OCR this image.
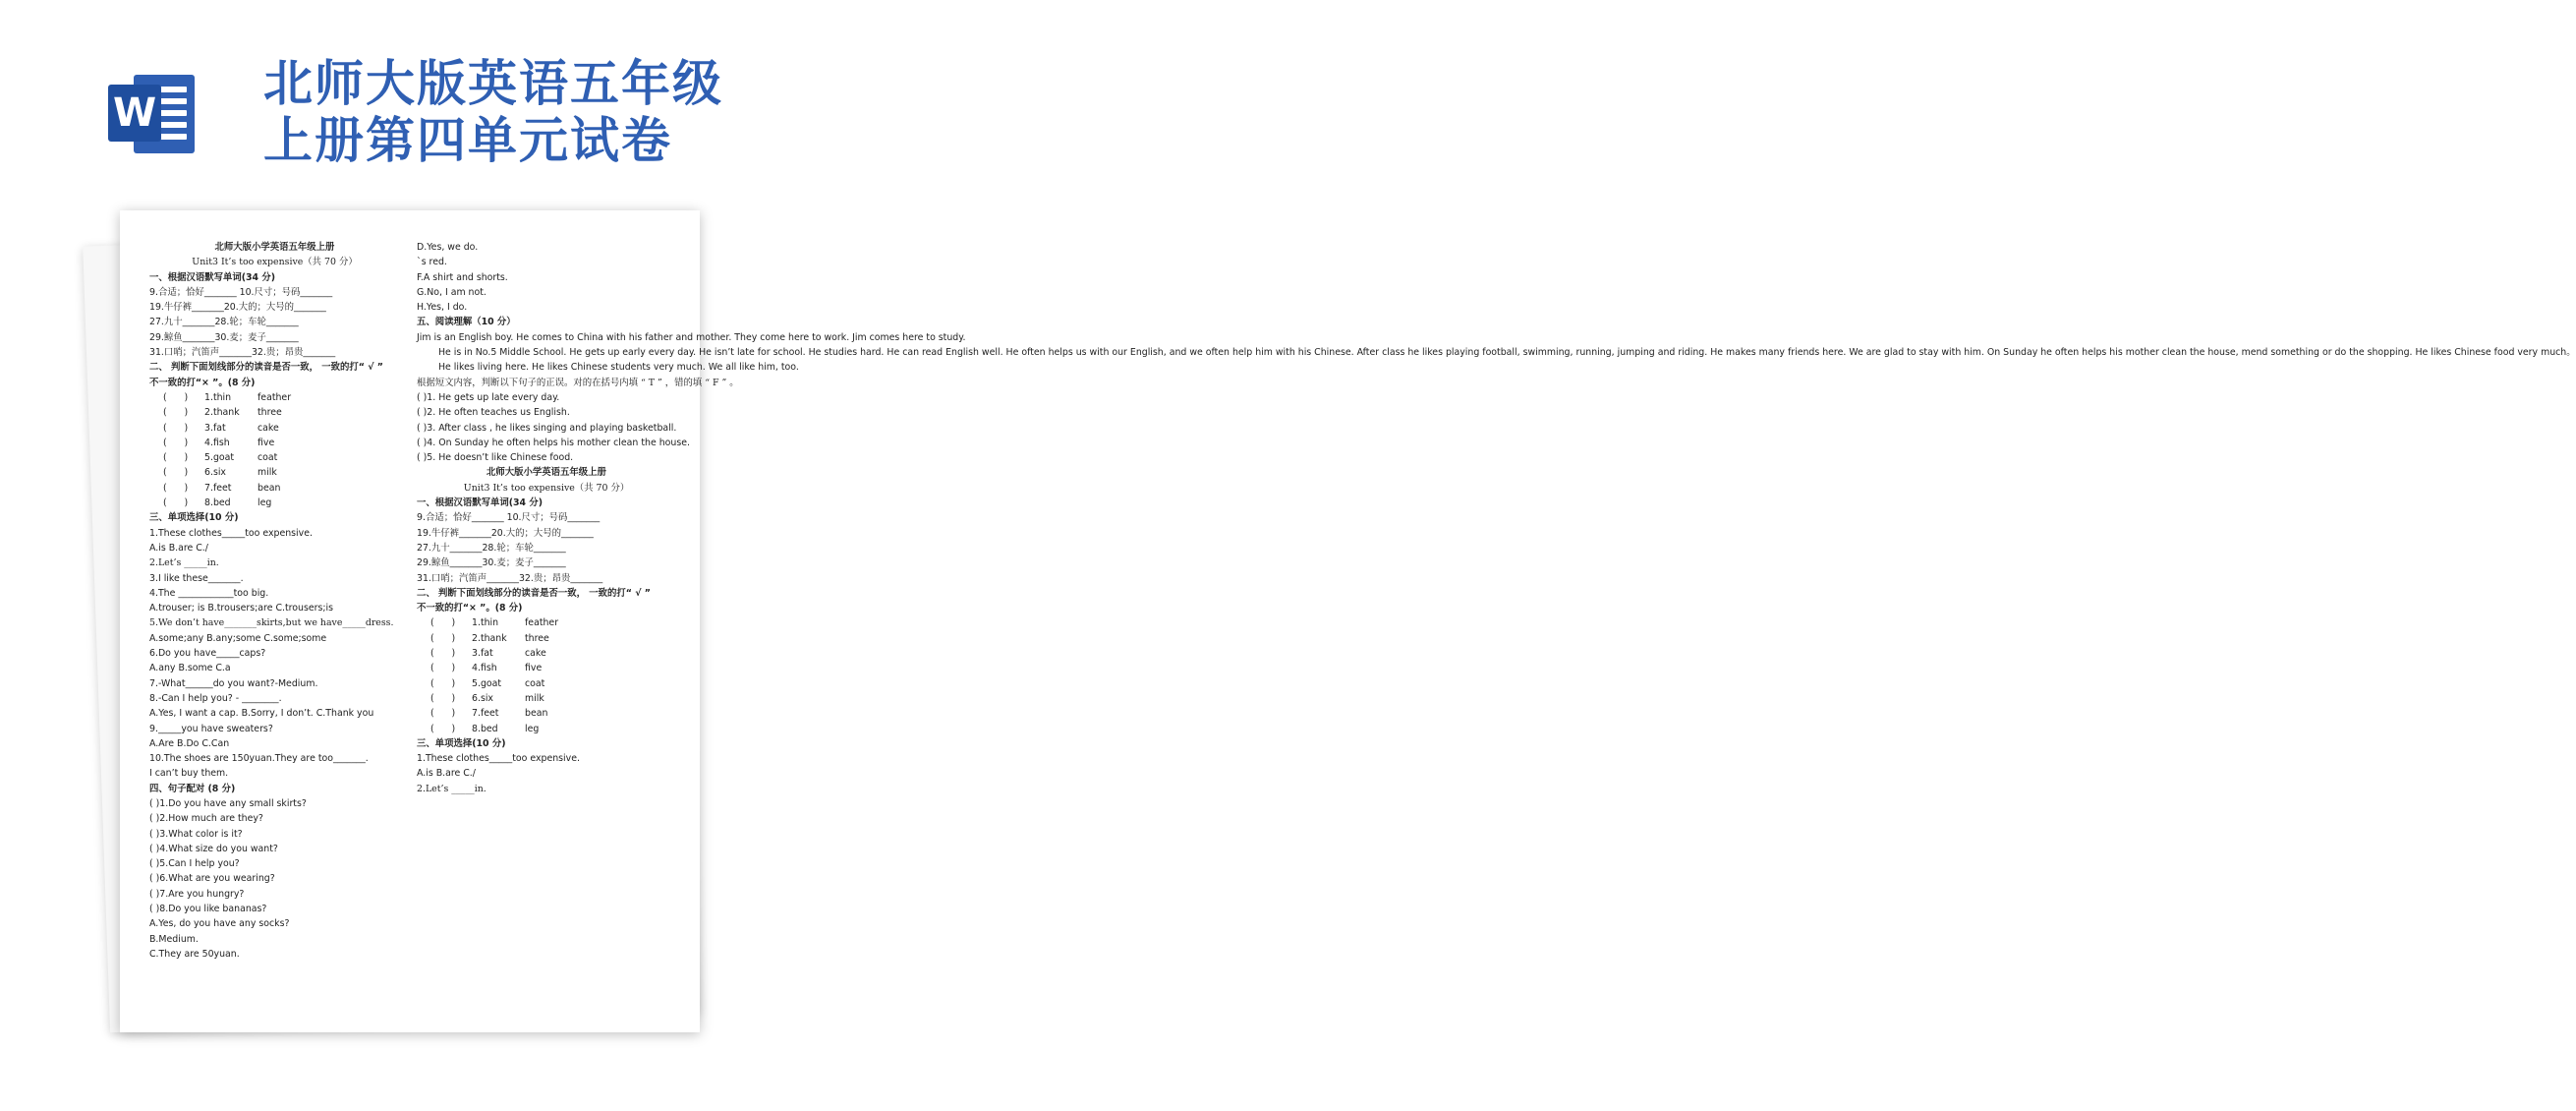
W
北师大版英语五年级上册第四单元试卷
北师大版小学英语五年级上册
Unit3 It’s too expensive（共 70 分）
一、根据汉语默写单词(34 分)
9.合适；恰好_______ 10.尺寸；号码_______
19.牛仔裤_______20.大的；大号的_______
27.九十_______28.轮；车轮_______
29.鲸鱼_______30.麦；麦子_______
31.口哨；汽笛声_______32.贵；昂贵_______
二、 判断下面划线部分的读音是否一致， 一致的打“ √ ”
不一致的打“× ”。(8 分)
(      )	1.thin	feather
(      )	2.thank	three
(      )	3.fat	cake
(      )	4.fish	five
(      )	5.goat	coat
(      )	6.six	milk
(      )	7.feet	bean
(      )	8.bed	leg
三、单项选择(10 分)
1.These clothes_____too expensive.
A.is B.are C./
2.Let’s _____in.
3.I like these_______.
4.The ____________too big.
A.trouser; is B.trousers;are C.trousers;is
5.We don’t have_______skirts,but we have_____dress.
A.some;any B.any;some C.some;some
6.Do you have_____caps?
A.any B.some C.a
7.-What______do you want?-Medium.
8.-Can I help you? - ________.
A.Yes, I want a cap. B.Sorry, I don’t. C.Thank you
9._____you have sweaters?
A.Are B.Do C.Can
10.The shoes are 150yuan.They are too_______.
I can’t buy them.
四、句子配对 (8 分)
( )1.Do you have any small skirts?
( )2.How much are they?
( )3.What color is it?
( )4.What size do you want?
( )5.Can I help you?
( )6.What are you wearing?
( )7.Are you hungry?
( )8.Do you like bananas?
A.Yes, do you have any socks?
B.Medium.
C.They are 50yuan.
D.Yes, we do.
`s red.
F.A shirt and shorts.
G.No, I am not.
H.Yes, I do.
五、阅读理解（10 分）
Jim is an English boy. He comes to China with his father and mother. They come here to work. Jim comes here to study.
He is in No.5 Middle School. He gets up early every day. He isn’t late for school. He studies hard. He can read English well. He often helps us with our English, and we often help him with his Chinese. After class he likes playing football, swimming, running, jumping and riding. He makes many friends here. We are glad to stay with him. On Sunday he often helps his mother clean the house, mend something or do the shopping. He likes Chinese food very much。
He likes living here. He likes Chinese students very much. We all like him, too.
根据短文内容，判断以下句子的正误。对的在括号内填 “ T ” ，错的填 “ F ” 。
( )1. He gets up late every day.
( )2. He often teaches us English.
( )3. After class , he likes singing and playing basketball.
( )4. On Sunday he often helps his mother clean the house.
( )5. He doesn’t like Chinese food.
北师大版小学英语五年级上册
Unit3 It’s too expensive（共 70 分）
一、根据汉语默写单词(34 分)
9.合适；恰好_______ 10.尺寸；号码_______
19.牛仔裤_______20.大的；大号的_______
27.九十_______28.轮；车轮_______
29.鲸鱼_______30.麦；麦子_______
31.口哨；汽笛声_______32.贵；昂贵_______
二、 判断下面划线部分的读音是否一致， 一致的打“ √ ”
不一致的打“× ”。(8 分)
(      )	1.thin	feather
(      )	2.thank	three
(      )	3.fat	cake
(      )	4.fish	five
(      )	5.goat	coat
(      )	6.six	milk
(      )	7.feet	bean
(      )	8.bed	leg
三、单项选择(10 分)
1.These clothes_____too expensive.
A.is B.are C./
2.Let’s _____in.
